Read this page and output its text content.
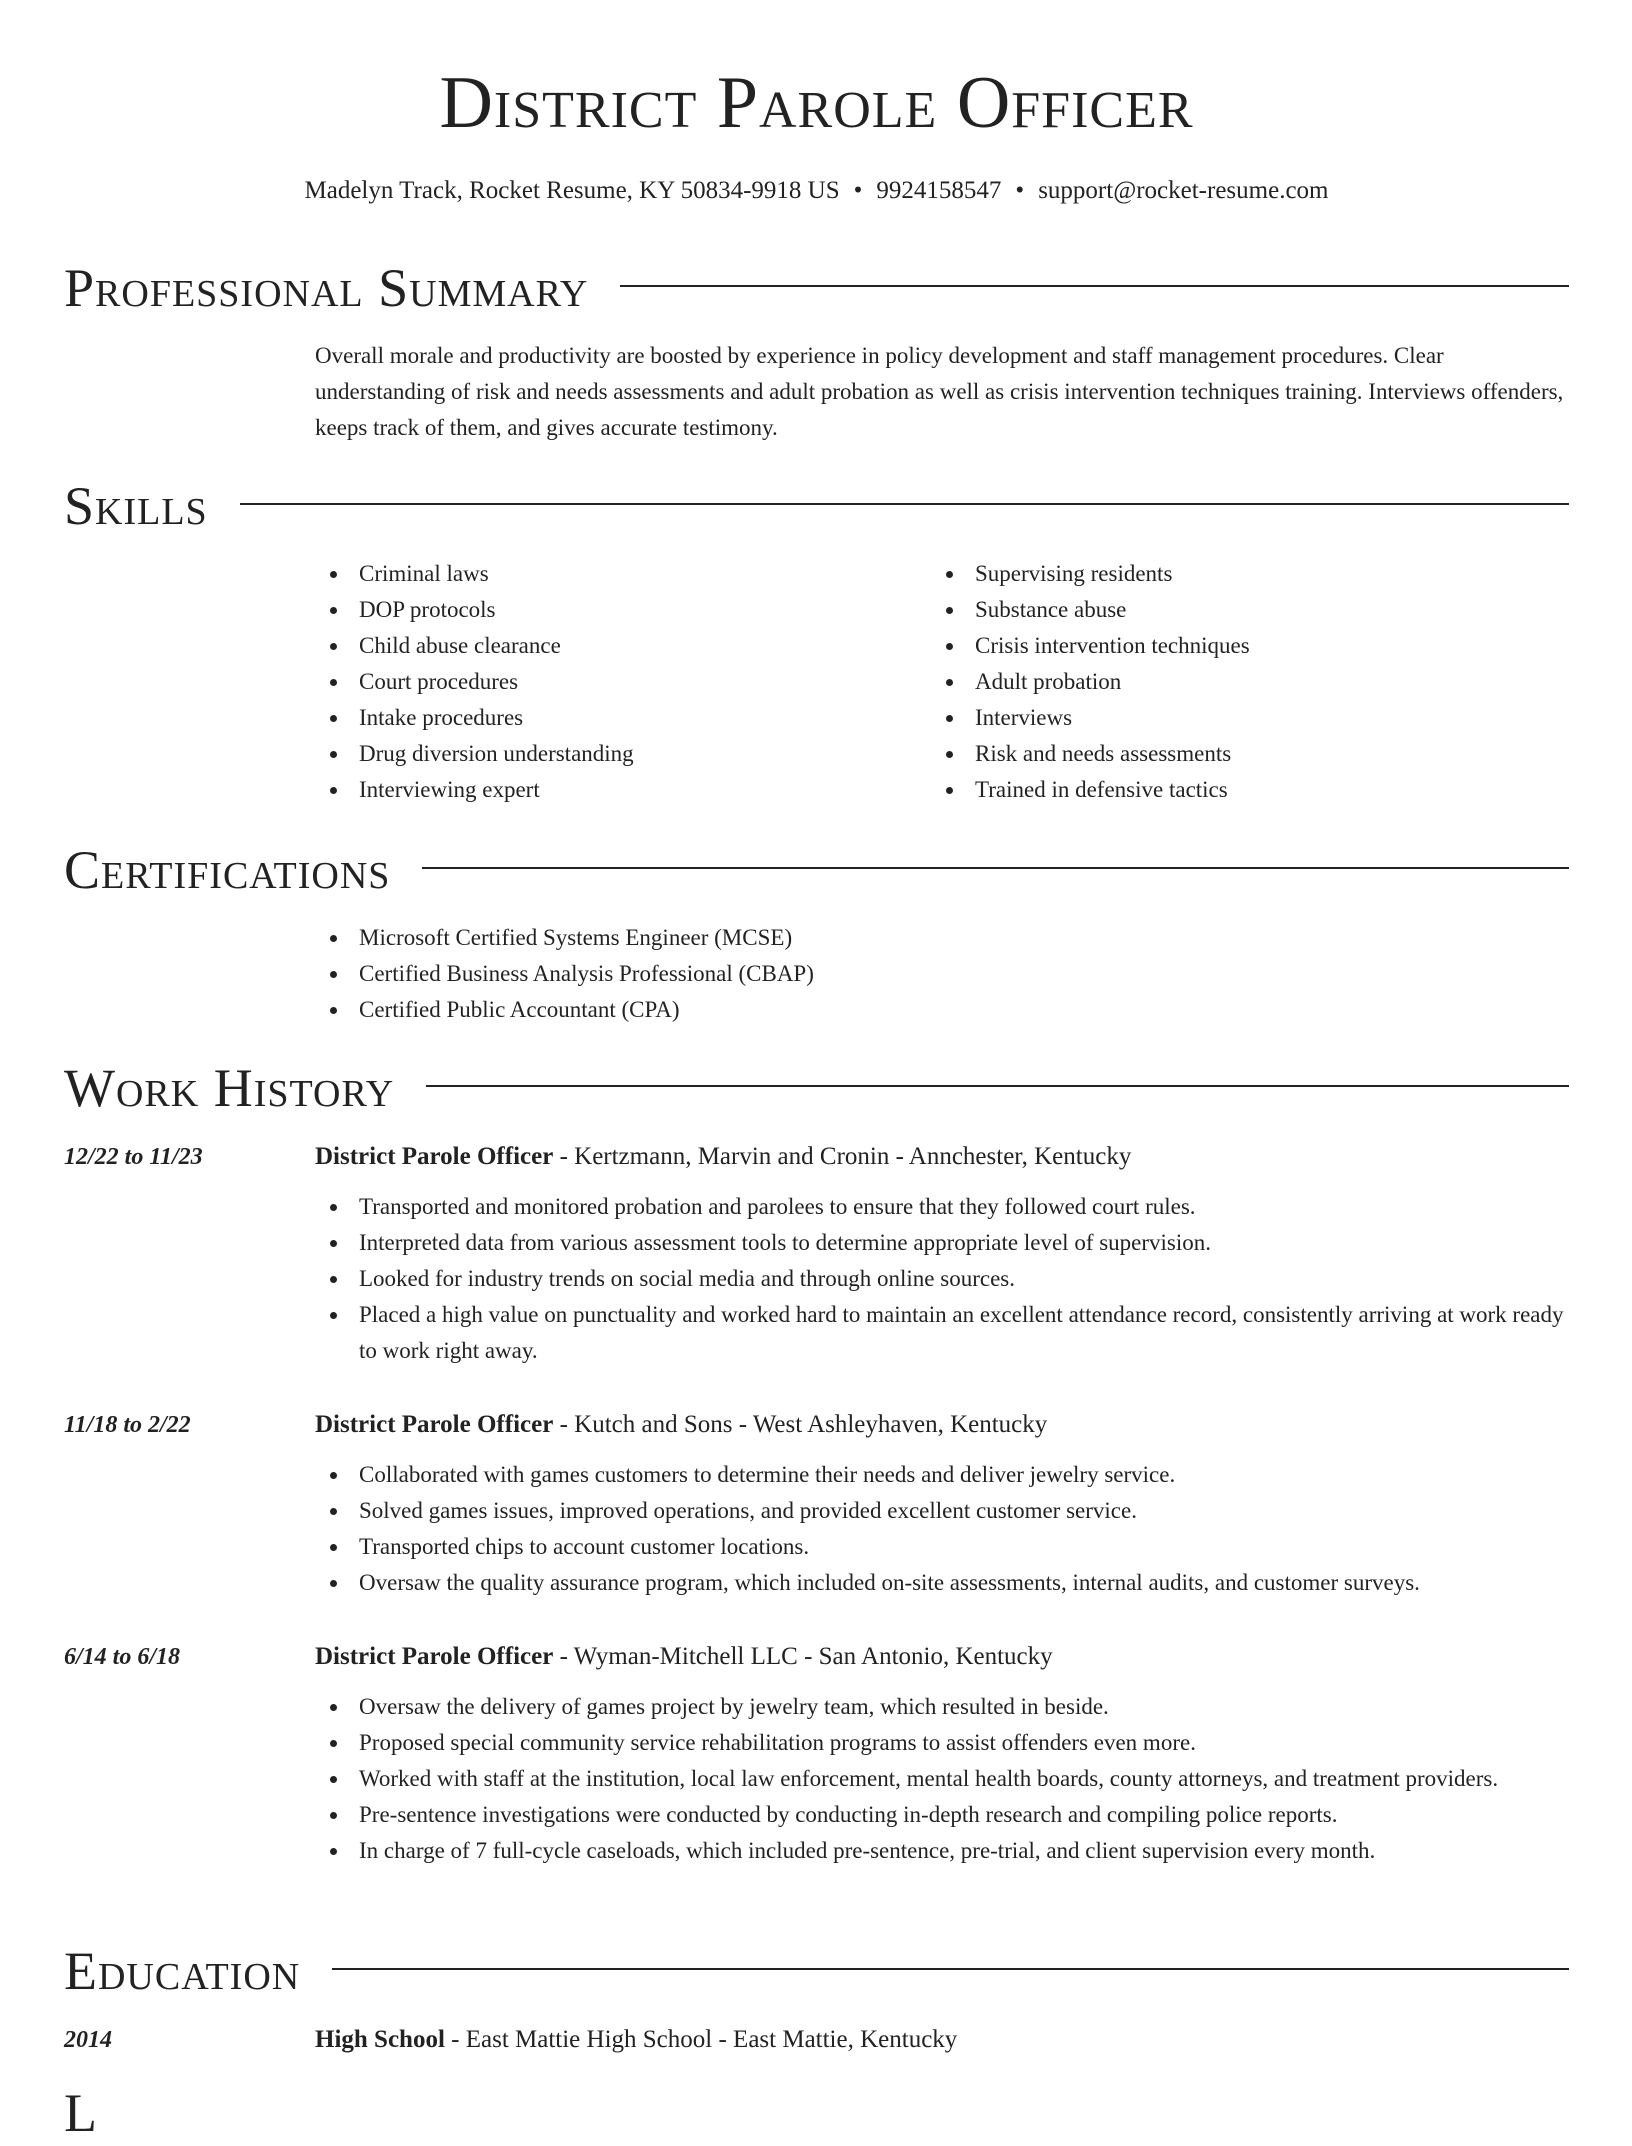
District Parole Officer
Madelyn Track, Rocket Resume, KY 50834-9918 US • 9924158547 • support@rocket-resume.com
Professional Summary
Overall morale and productivity are boosted by experience in policy development and staff management procedures. Clear understanding of risk and needs assessments and adult probation as well as crisis intervention techniques training. Interviews offenders, keeps track of them, and gives accurate testimony.
Skills
Criminal laws
DOP protocols
Child abuse clearance
Court procedures
Intake procedures
Drug diversion understanding
Interviewing expert
Supervising residents
Substance abuse
Crisis intervention techniques
Adult probation
Interviews
Risk and needs assessments
Trained in defensive tactics
Certifications
Microsoft Certified Systems Engineer (MCSE)
Certified Business Analysis Professional (CBAP)
Certified Public Accountant (CPA)
Work History
12/22 to 11/23	District Parole Officer - Kertzmann, Marvin and Cronin - Annchester, Kentucky
Transported and monitored probation and parolees to ensure that they followed court rules.
Interpreted data from various assessment tools to determine appropriate level of supervision.
Looked for industry trends on social media and through online sources.
Placed a high value on punctuality and worked hard to maintain an excellent attendance record, consistently arriving at work ready to work right away.
11/18 to 2/22	District Parole Officer - Kutch and Sons - West Ashleyhaven, Kentucky
Collaborated with games customers to determine their needs and deliver jewelry service.
Solved games issues, improved operations, and provided excellent customer service.
Transported chips to account customer locations.
Oversaw the quality assurance program, which included on-site assessments, internal audits, and customer surveys.
6/14 to 6/18	District Parole Officer - Wyman-Mitchell LLC - San Antonio, Kentucky
Oversaw the delivery of games project by jewelry team, which resulted in beside.
Proposed special community service rehabilitation programs to assist offenders even more.
Worked with staff at the institution, local law enforcement, mental health boards, county attorneys, and treatment providers.
Pre-sentence investigations were conducted by conducting in-depth research and compiling police reports.
In charge of 7 full-cycle caseloads, which included pre-sentence, pre-trial, and client supervision every month.
Education
2014	High School - East Mattie High School - East Mattie, Kentucky
L
